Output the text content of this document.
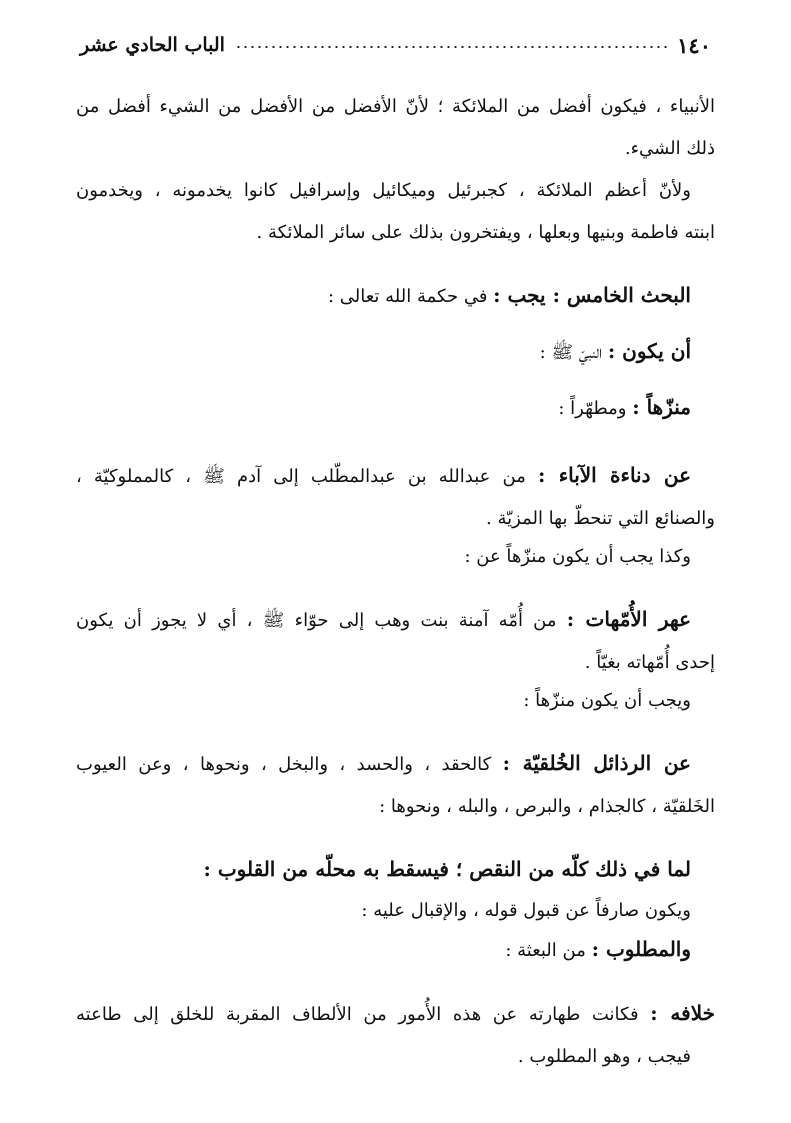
١٤٠
الباب الحادي عشر

الأنبياء ، فيكون أفضل من الملائكة ؛ لأنّ الأفضل من الأفضل من الشيء أفضل من

ذلك الشيء.

ولأنّ أعظم الملائكة ، كجبرئيل وميكائيل وإسرافيل كانوا يخدمونه ، ويخدمون

ابنته فاطمة وبنيها وبعلها ، ويفتخرون بذلك على سائر الملائكة .

البحث الخامس : يجب : في حكمة الله تعالى :

أن يكون : النبيّ ﷺ :

منزّهاً : ومطهّراً :

عن دناءة الآباء : من عبدالله بن عبدالمطّلب إلى آدم ﷺ ، كالمملوكيّة ،

والصنائع التي تنحطّ بها المزيّة .

وكذا يجب أن يكون منزّهاً عن :

عهر الأُمّهات : من أُمّه آمنة بنت وهب إلى حوّاء ﷺ ، أي لا يجوز أن يكون

إحدى أُمّهاته بغيّاً .

ويجب أن يكون منزّهاً :

عن الرذائل الخُلقيّة : كالحقد ، والحسد ، والبخل ، ونحوها ، وعن العيوب

الخَلقيّة ، كالجذام ، والبرص ، والبله ، ونحوها :

لما في ذلك كلّه من النقص ؛ فيسقط به محلّه من القلوب :

ويكون صارفاً عن قبول قوله ، والإقبال عليه :

والمطلوب : من البعثة :

خلافه : فكانت طهارته عن هذه الأُمور من الألطاف المقربة للخلق إلى طاعته

فيجب ، وهو المطلوب .
